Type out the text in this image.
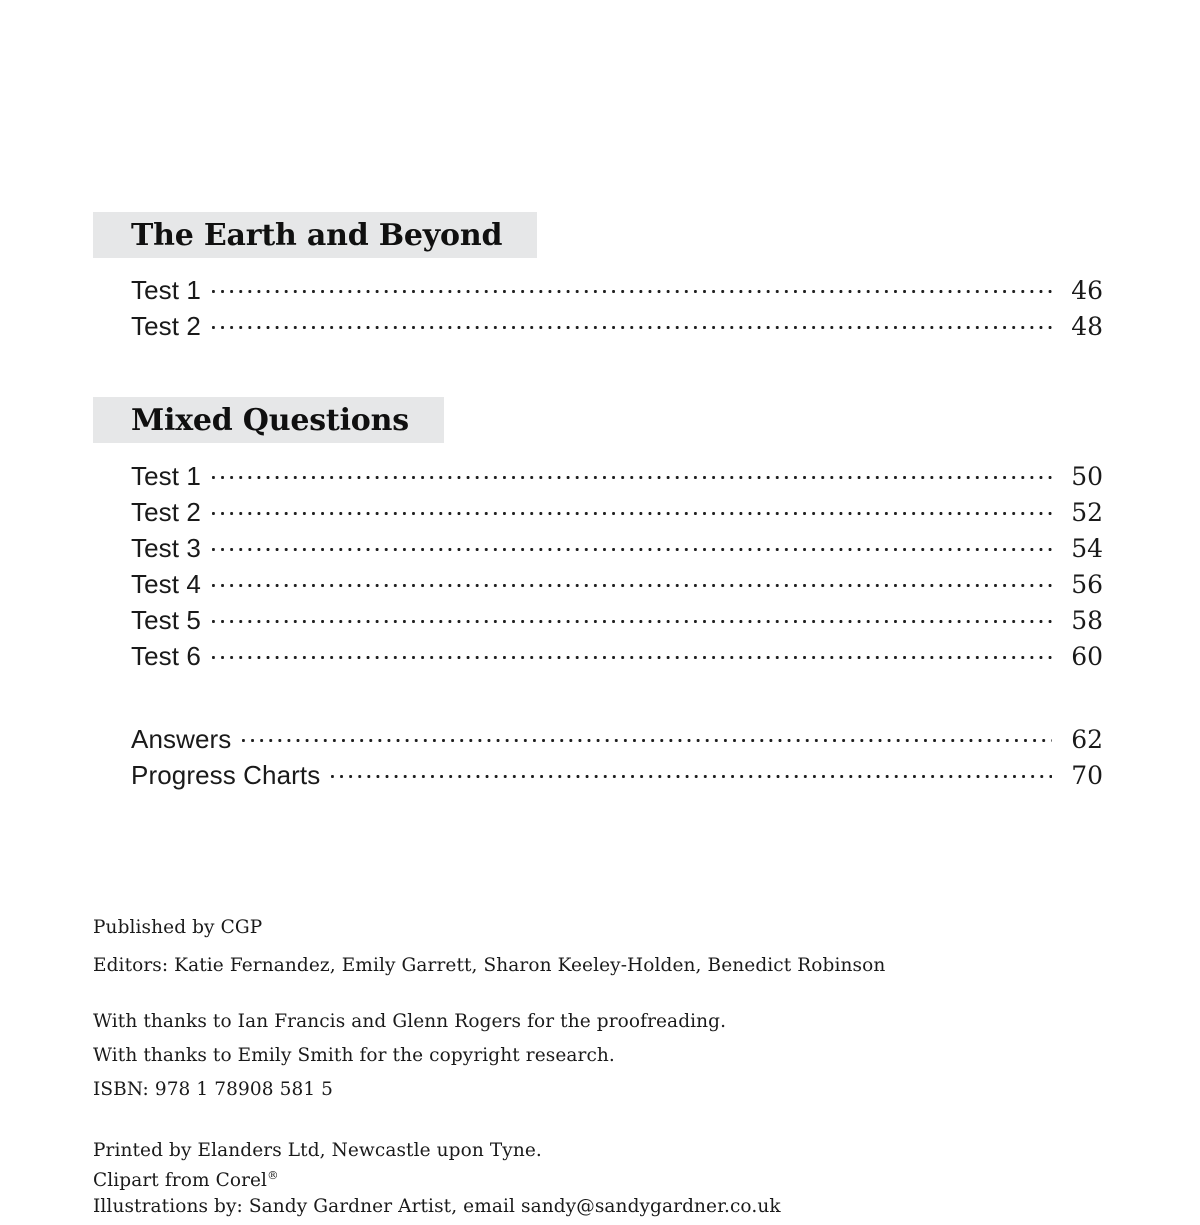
The Earth and Beyond
Test 1	46
Test 2	48
Mixed Questions
Test 1	50
Test 2	52
Test 3	54
Test 4	56
Test 5	58
Test 6	60
Answers	62
Progress Charts	70
Published by CGP
Editors: Katie Fernandez, Emily Garrett, Sharon Keeley-Holden, Benedict Robinson
With thanks to Ian Francis and Glenn Rogers for the proofreading.
With thanks to Emily Smith for the copyright research.
ISBN: 978 1 78908 581 5
Printed by Elanders Ltd, Newcastle upon Tyne.
Clipart from Corel®
Illustrations by: Sandy Gardner Artist, email sandy@sandygardner.co.uk
